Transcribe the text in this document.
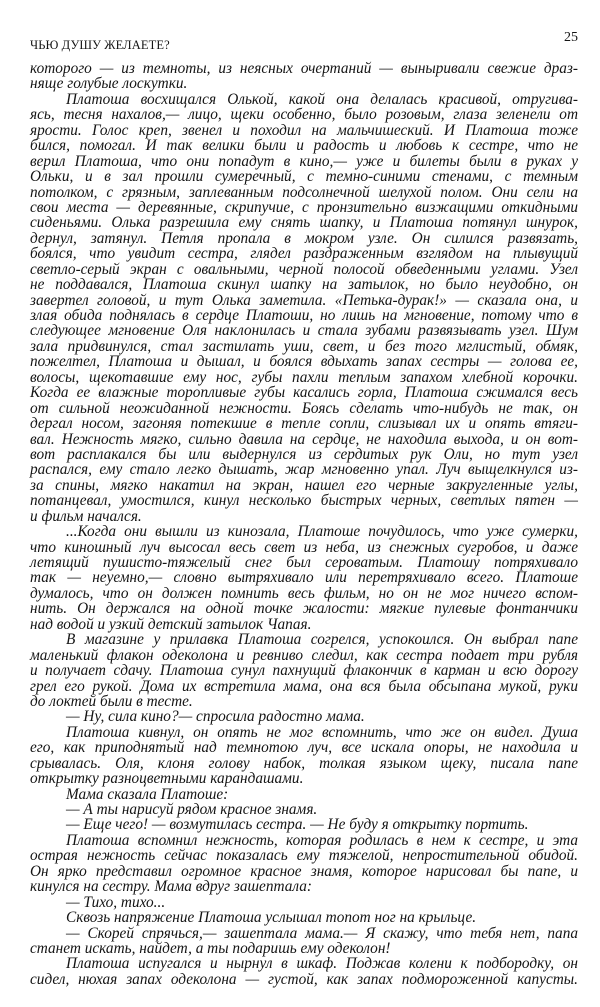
ЧЬЮ ДУШУ ЖЕЛАЕТЕ?	25
которого — из темноты, из неясных очертаний — выныривали свежие драз-
няще голубые лоскутки.
Платоша восхищался Олькой, какой она делалась красивой, отругива-
ясь, тесня нахалов,— лицо, щеки особенно, было розовым, глаза зеленели от
ярости. Голос креп, звенел и походил на мальчишеский. И Платоша тоже
бился, помогал. И так велики были и радость и любовь к сестре, что не
верил Платоша, что они попадут в кино,— уже и билеты были в руках у
Ольки, и в зал прошли сумеречный, с темно-синими стенами, с темным
потолком, с грязным, заплеванным подсолнечной шелухой полом. Они сели на
свои места — деревянные, скрипучие, с пронзительно визжащими откидными
сиденьями. Олька разрешила ему снять шапку, и Платоша потянул шнурок,
дернул, затянул. Петля пропала в мокром узле. Он силился развязать,
боялся, что увидит сестра, глядел раздраженным взглядом на плывущий
светло-серый экран с овальными, черной полосой обведенными углами. Узел
не поддавался, Платоша скинул шапку на затылок, но было неудобно, он
завертел головой, и тут Олька заметила. «Петька-дурак!» — сказала она, и
злая обида поднялась в сердце Платоши, но лишь на мгновение, потому что в
следующее мгновение Оля наклонилась и стала зубами развязывать узел. Шум
зала придвинулся, стал застилать уши, свет, и без того мглистый, обмяк,
пожелтел, Платоша и дышал, и боялся вдыхать запах сестры — голова ее,
волосы, щекотавшие ему нос, губы пахли теплым запахом хлебной корочки.
Когда ее влажные торопливые губы касались горла, Платоша сжимался весь
от сильной неожиданной нежности. Боясь сделать что-нибудь не так, он
дергал носом, загоняя потекшие в тепле сопли, слизывал их и опять втяги-
вал. Нежность мягко, сильно давила на сердце, не находила выхода, и он вот-
вот расплакался бы или выдернулся из сердитых рук Оли, но тут узел
распался, ему стало легко дышать, жар мгновенно упал. Луч выщелкнулся из-
за спины, мягко накатил на экран, нашел его черные закругленные углы,
потанцевал, умостился, кинул несколько быстрых черных, светлых пятен —
и фильм начался.
...Когда они вышли из кинозала, Платоше почудилось, что уже сумерки,
что киношный луч высосал весь свет из неба, из снежных сугробов, и даже
летящий пушисто-тяжелый снег был сероватым. Платошу потряхивало
так — неуемно,— словно вытряхивало или перетряхивало всего. Платоше
думалось, что он должен помнить весь фильм, но он не мог ничего вспом-
нить. Он держался на одной точке жалости: мягкие пулевые фонтанчики
над водой и узкий детский затылок Чапая.
В магазине у прилавка Платоша согрелся, успокоился. Он выбрал папе
маленький флакон одеколона и ревниво следил, как сестра подает три рубля
и получает сдачу. Платоша сунул пахнущий флакончик в карман и всю дорогу
грел его рукой. Дома их встретила мама, она вся была обсыпана мукой, руки
до локтей были в тесте.
— Ну, сила кино?— спросила радостно мама.
Платоша кивнул, он опять не мог вспомнить, что же он видел. Душа
его, как приподнятый над темнотою луч, все искала опоры, не находила и
срывалась. Оля, клоня голову набок, толкая языком щеку, писала папе
открытку разноцветными карандашами.
Мама сказала Платоше:
— А ты нарисуй рядом красное знамя.
— Еще чего! — возмутилась сестра. — Не буду я открытку портить.
Платоша вспомнил нежность, которая родилась в нем к сестре, и эта
острая нежность сейчас показалась ему тяжелой, непростительной обидой.
Он ярко представил огромное красное знамя, которое нарисовал бы папе, и
кинулся на сестру. Мама вдруг зашептала:
— Тихо, тихо...
Сквозь напряжение Платоша услышал топот ног на крыльце.
— Скорей спрячься,— зашептала мама.— Я скажу, что тебя нет, папа
станет искать, найдет, а ты подаришь ему одеколон!
Платоша испугался и нырнул в шкаф. Поджав колени к подбородку, он
сидел, нюхая запах одеколона — густой, как запах подмороженной капусты.
